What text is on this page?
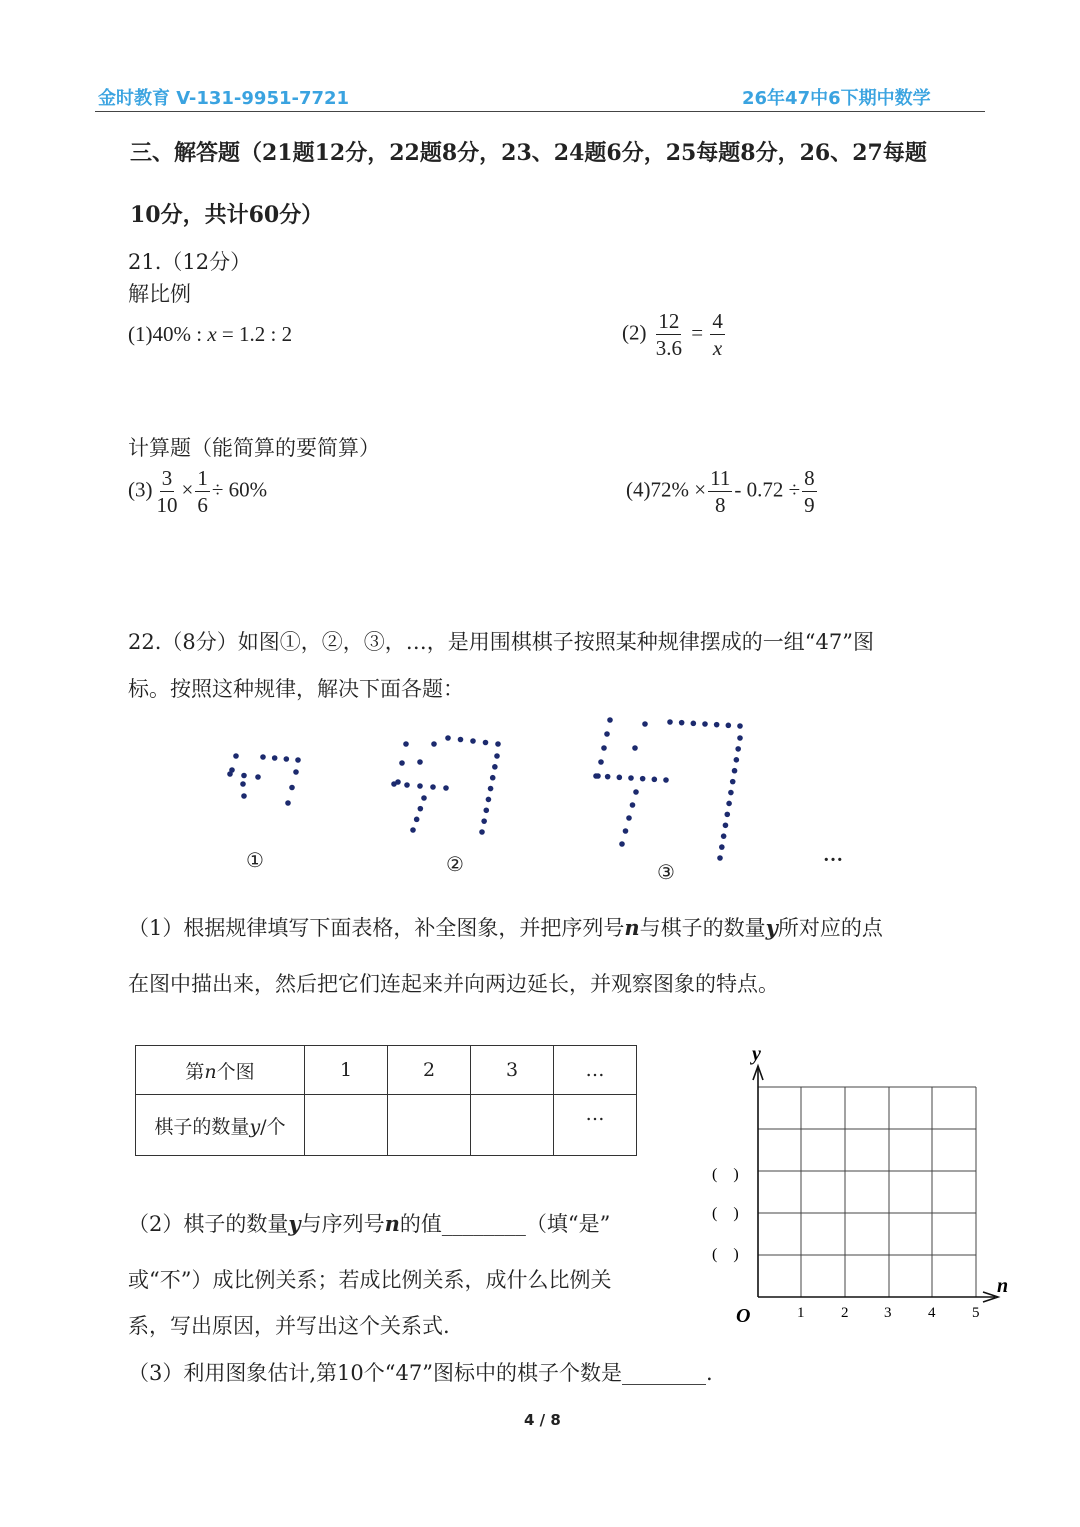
金时教育 V-131-9951-7721	26年47中6下期中数学
三、解答题（21题12分，22题8分，23、24题6分，25每题8分，26、27每题
10分，共计60分）
21.（12分）
解比例
(1)40% : x = 1.2 : 2	$(2) \frac{12}{3.6} = \frac{4}{x}$
计算题（能简算的要简算）
$(3) \frac{3}{10} \times \frac{1}{6} \div 60\%$	$(4)72\% \times \frac{11}{8} - 0.72 \div \frac{8}{9}$
22.（8分）如图①，②，③，…，是用围棋棋子按照某种规律摆成的一组“47”图
标。按照这种规律，解决下面各题：
①	②	③
…
（1）根据规律填写下面表格，补全图象，并把序列号n与棋子的数量y所对应的点
在图中描出来，然后把它们连起来并向两边延长，并观察图象的特点。
第n个图	1	2	3	…
棋子的数量y/个				…
y
n
O	1 2 3 4 5
(　)
(　)
(　)
（2）棋子的数量y与序列号n的值________（填“是”
或“不”）成比例关系；若成比例关系，成什么比例关
系，写出原因，并写出这个关系式.
（3）利用图象估计,第10个“47”图标中的棋子个数是________.
4 / 8
